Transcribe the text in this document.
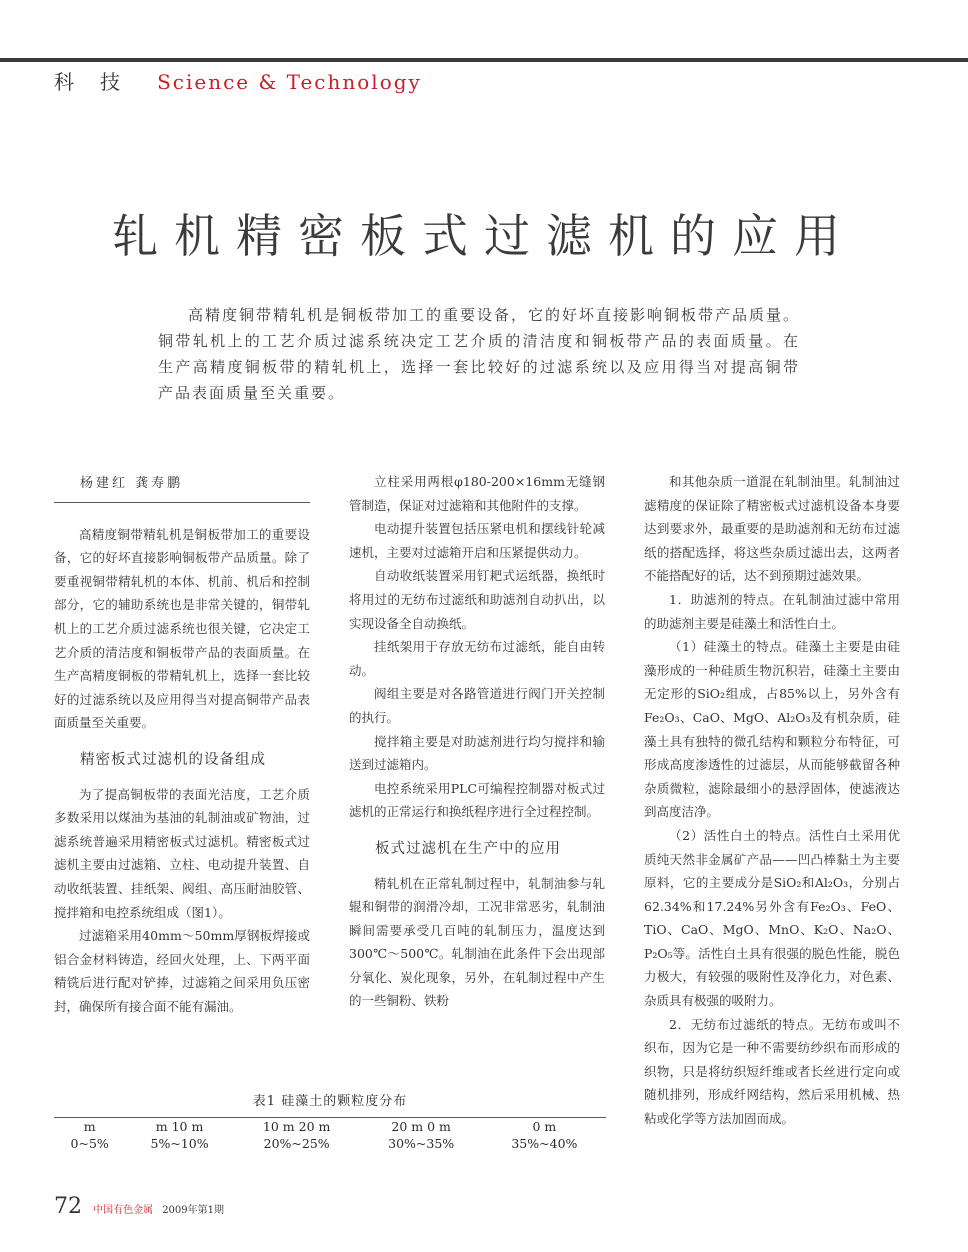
科技 Science & Technology
轧机精密板式过滤机的应用

高精度铜带精轧机是铜板带加工的重要设备，它的好坏直接影响铜板带产品质量。铜带轧机上的工艺介质过滤系统决定工艺介质的清洁度和铜板带产品的表面质量。在生产高精度铜板带的精轧机上，选择一套比较好的过滤系统以及应用得当对提高铜带产品表面质量至关重要。

杨建红 龚寿鹏

高精度铜带精轧机是铜板带加工的重要设备，它的好坏直接影响铜板带产品质量。除了要重视铜带精轧机的本体、机前、机后和控制部分，它的辅助系统也是非常关键的，铜带轧机上的工艺介质过滤系统也很关键，它决定工艺介质的清洁度和铜板带产品的表面质量。在生产高精度铜板的带精轧机上，选择一套比较好的过滤系统以及应用得当对提高铜带产品表面质量至关重要。

精密板式过滤机的设备组成

为了提高铜板带的表面光洁度，工艺介质多数采用以煤油为基油的轧制油或矿物油，过滤系统普遍采用精密板式过滤机。精密板式过滤机主要由过滤箱、立柱、电动提升装置、自动收纸装置、挂纸架、阀组、高压耐油胶管、搅拌箱和电控系统组成（图1）。

过滤箱采用40mm～50mm厚钢板焊接或铝合金材料铸造，经回火处理，上、下两平面精铣后进行配对铲捧，过滤箱之间采用负压密封，确保所有接合面不能有漏油。

立柱采用两根φ180-200×16mm无缝钢管制造，保证对过滤箱和其他附件的支撑。

电动提升装置包括压紧电机和摆线针轮减速机，主要对过滤箱开启和压紧提供动力。

自动收纸装置采用钉耙式运纸器，换纸时将用过的无纺布过滤纸和助滤剂自动扒出，以实现设备全自动换纸。

挂纸架用于存放无纺布过滤纸，能自由转动。

阀组主要是对各路管道进行阀门开关控制的执行。

搅拌箱主要是对助滤剂进行均匀搅拌和输送到过滤箱内。

电控系统采用PLC可编程控制器对板式过滤机的正常运行和换纸程序进行全过程控制。

板式过滤机在生产中的应用

精轧机在正常轧制过程中，轧制油参与轧辊和铜带的润滑冷却，工况非常恶劣，轧制油瞬间需要承受几百吨的轧制压力，温度达到300℃～500℃。轧制油在此条件下会出现部分氧化、炭化现象，另外，在轧制过程中产生的一些铜粉、铁粉

和其他杂质一道混在轧制油里。轧制油过滤精度的保证除了精密板式过滤机设备本身要达到要求外，最重要的是助滤剂和无纺布过滤纸的搭配选择，将这些杂质过滤出去，这两者不能搭配好的话，达不到预期过滤效果。

1．助滤剂的特点。在轧制油过滤中常用的助滤剂主要是硅藻土和活性白土。

（1）硅藻土的特点。硅藻土主要是由硅藻形成的一种硅质生物沉积岩，硅藻土主要由无定形的SiO₂组成，占85%以上，另外含有Fe₂O₃、CaO、MgO、Al₂O₃及有机杂质，硅藻土具有独特的微孔结构和颗粒分布特征，可形成高度渗透性的过滤层，从而能够截留各种杂质微粒，滤除最细小的悬浮固体，使滤液达到高度洁净。

（2）活性白土的特点。活性白土采用优质纯天然非金属矿产品——凹凸棒黏土为主要原料，它的主要成分是SiO₂和Al₂O₃，分别占62.34%和17.24%另外含有Fe₂O₃、FeO、TiO、CaO、MgO、MnO、K₂O、Na₂O、P₂O₅等。活性白土具有很强的脱色性能，脱色力极大，有较强的吸附性及净化力，对色素、杂质具有极强的吸附力。

2．无纺布过滤纸的特点。无纺布或叫不织布，因为它是一种不需要纺纱织布而形成的织物，只是将纺织短纤维或者长丝进行定向或随机排列，形成纤网结构，然后采用机械、热粘或化学等方法加固而成。

表1 硅藻土的颗粒度分布
m	m 10 m	10 m 20 m	20 m 0 m	0 m
0~5%	5%~10%	20%~25%	30%~35%	35%~40%
72 中国有色金属 2009年第1期
